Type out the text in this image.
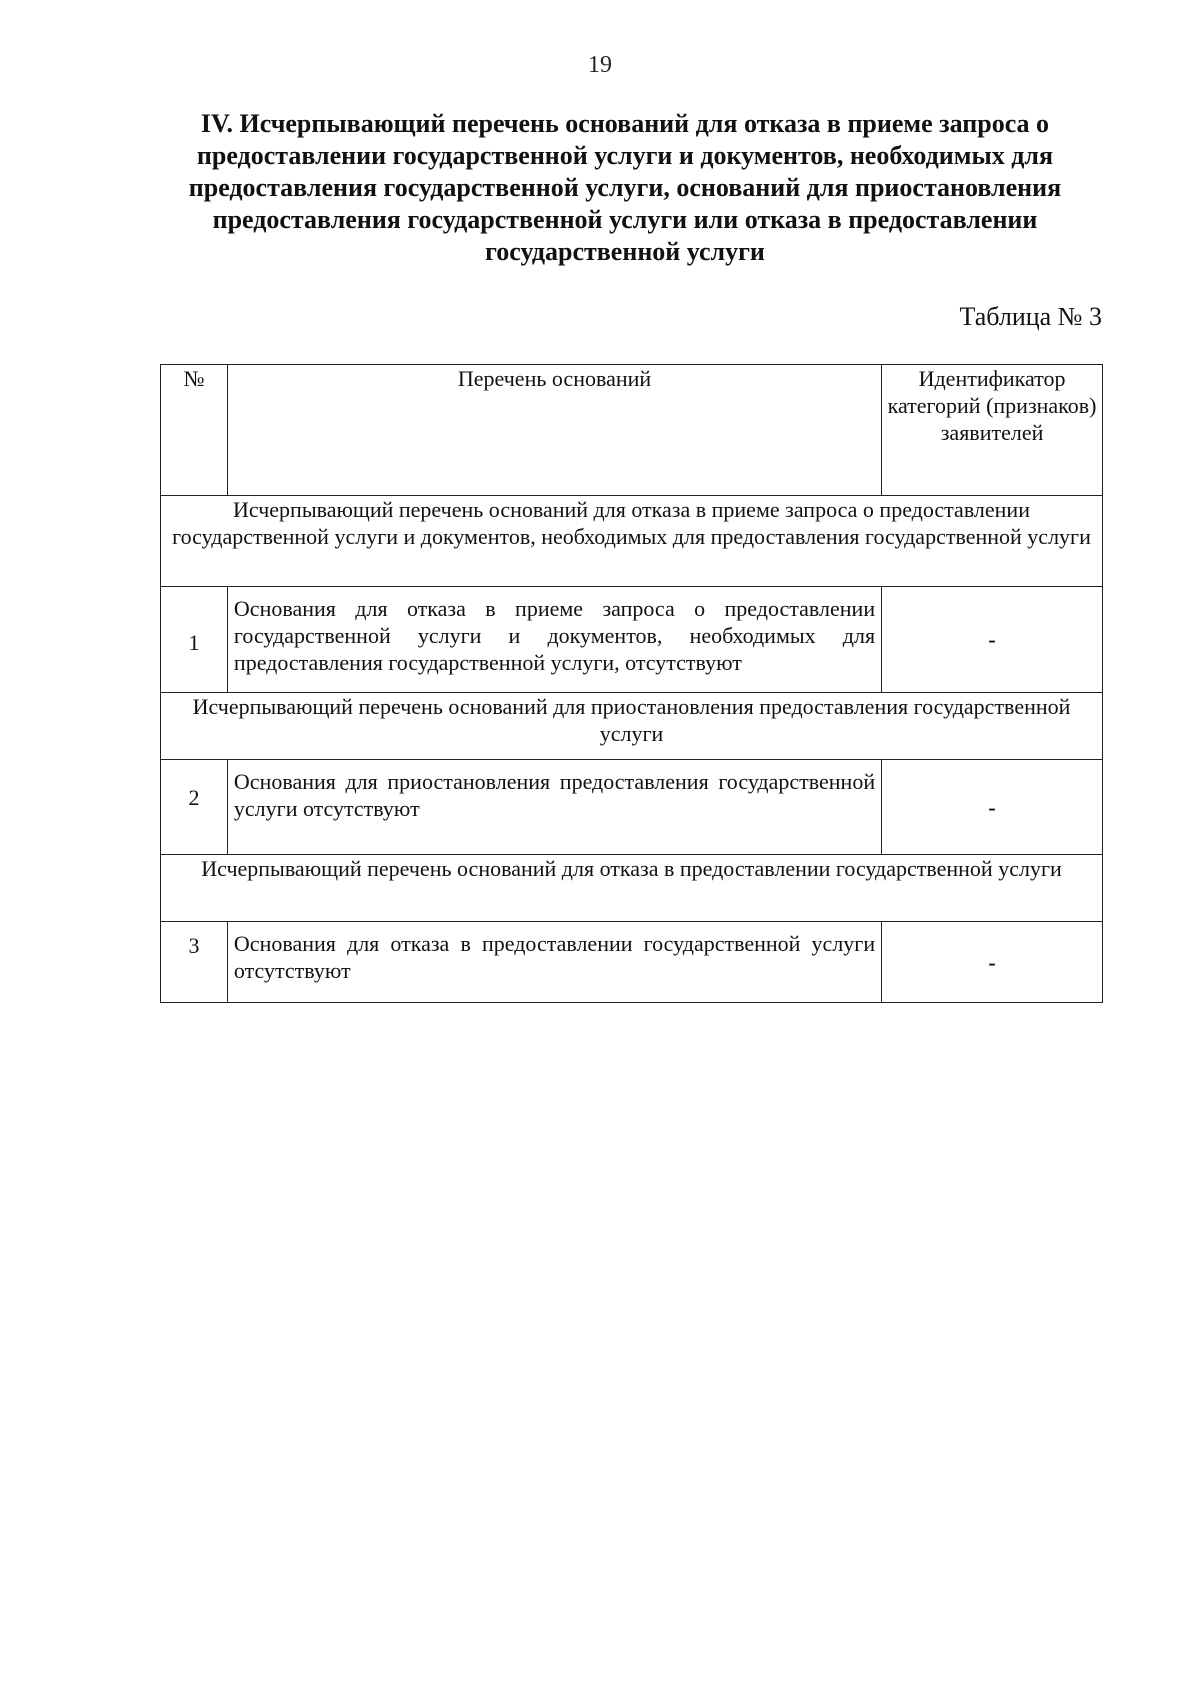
19
IV. Исчерпывающий перечень оснований для отказа в приеме запроса о предоставлении государственной услуги и документов, необходимых для предоставления государственной услуги, оснований для приостановления предоставления государственной услуги или отказа в предоставлении государственной услуги
Таблица № 3
№	Перечень оснований	Идентификатор категорий (признаков) заявителей
Исчерпывающий перечень оснований для отказа в приеме запроса о предоставлении государственной услуги и документов, необходимых для предоставления государственной услуги		
1	Основания для отказа в приеме запроса о предоставлении государственной услуги и документов, необходимых для предоставления государственной услуги, отсутствуют	-
Исчерпывающий перечень оснований для приостановления предоставления государственной услуги		
2	Основания для приостановления предоставления государственной услуги отсутствуют	-
Исчерпывающий перечень оснований для отказа в предоставлении государственной услуги		
3	Основания для отказа в предоставлении государственной услуги отсутствуют	-
